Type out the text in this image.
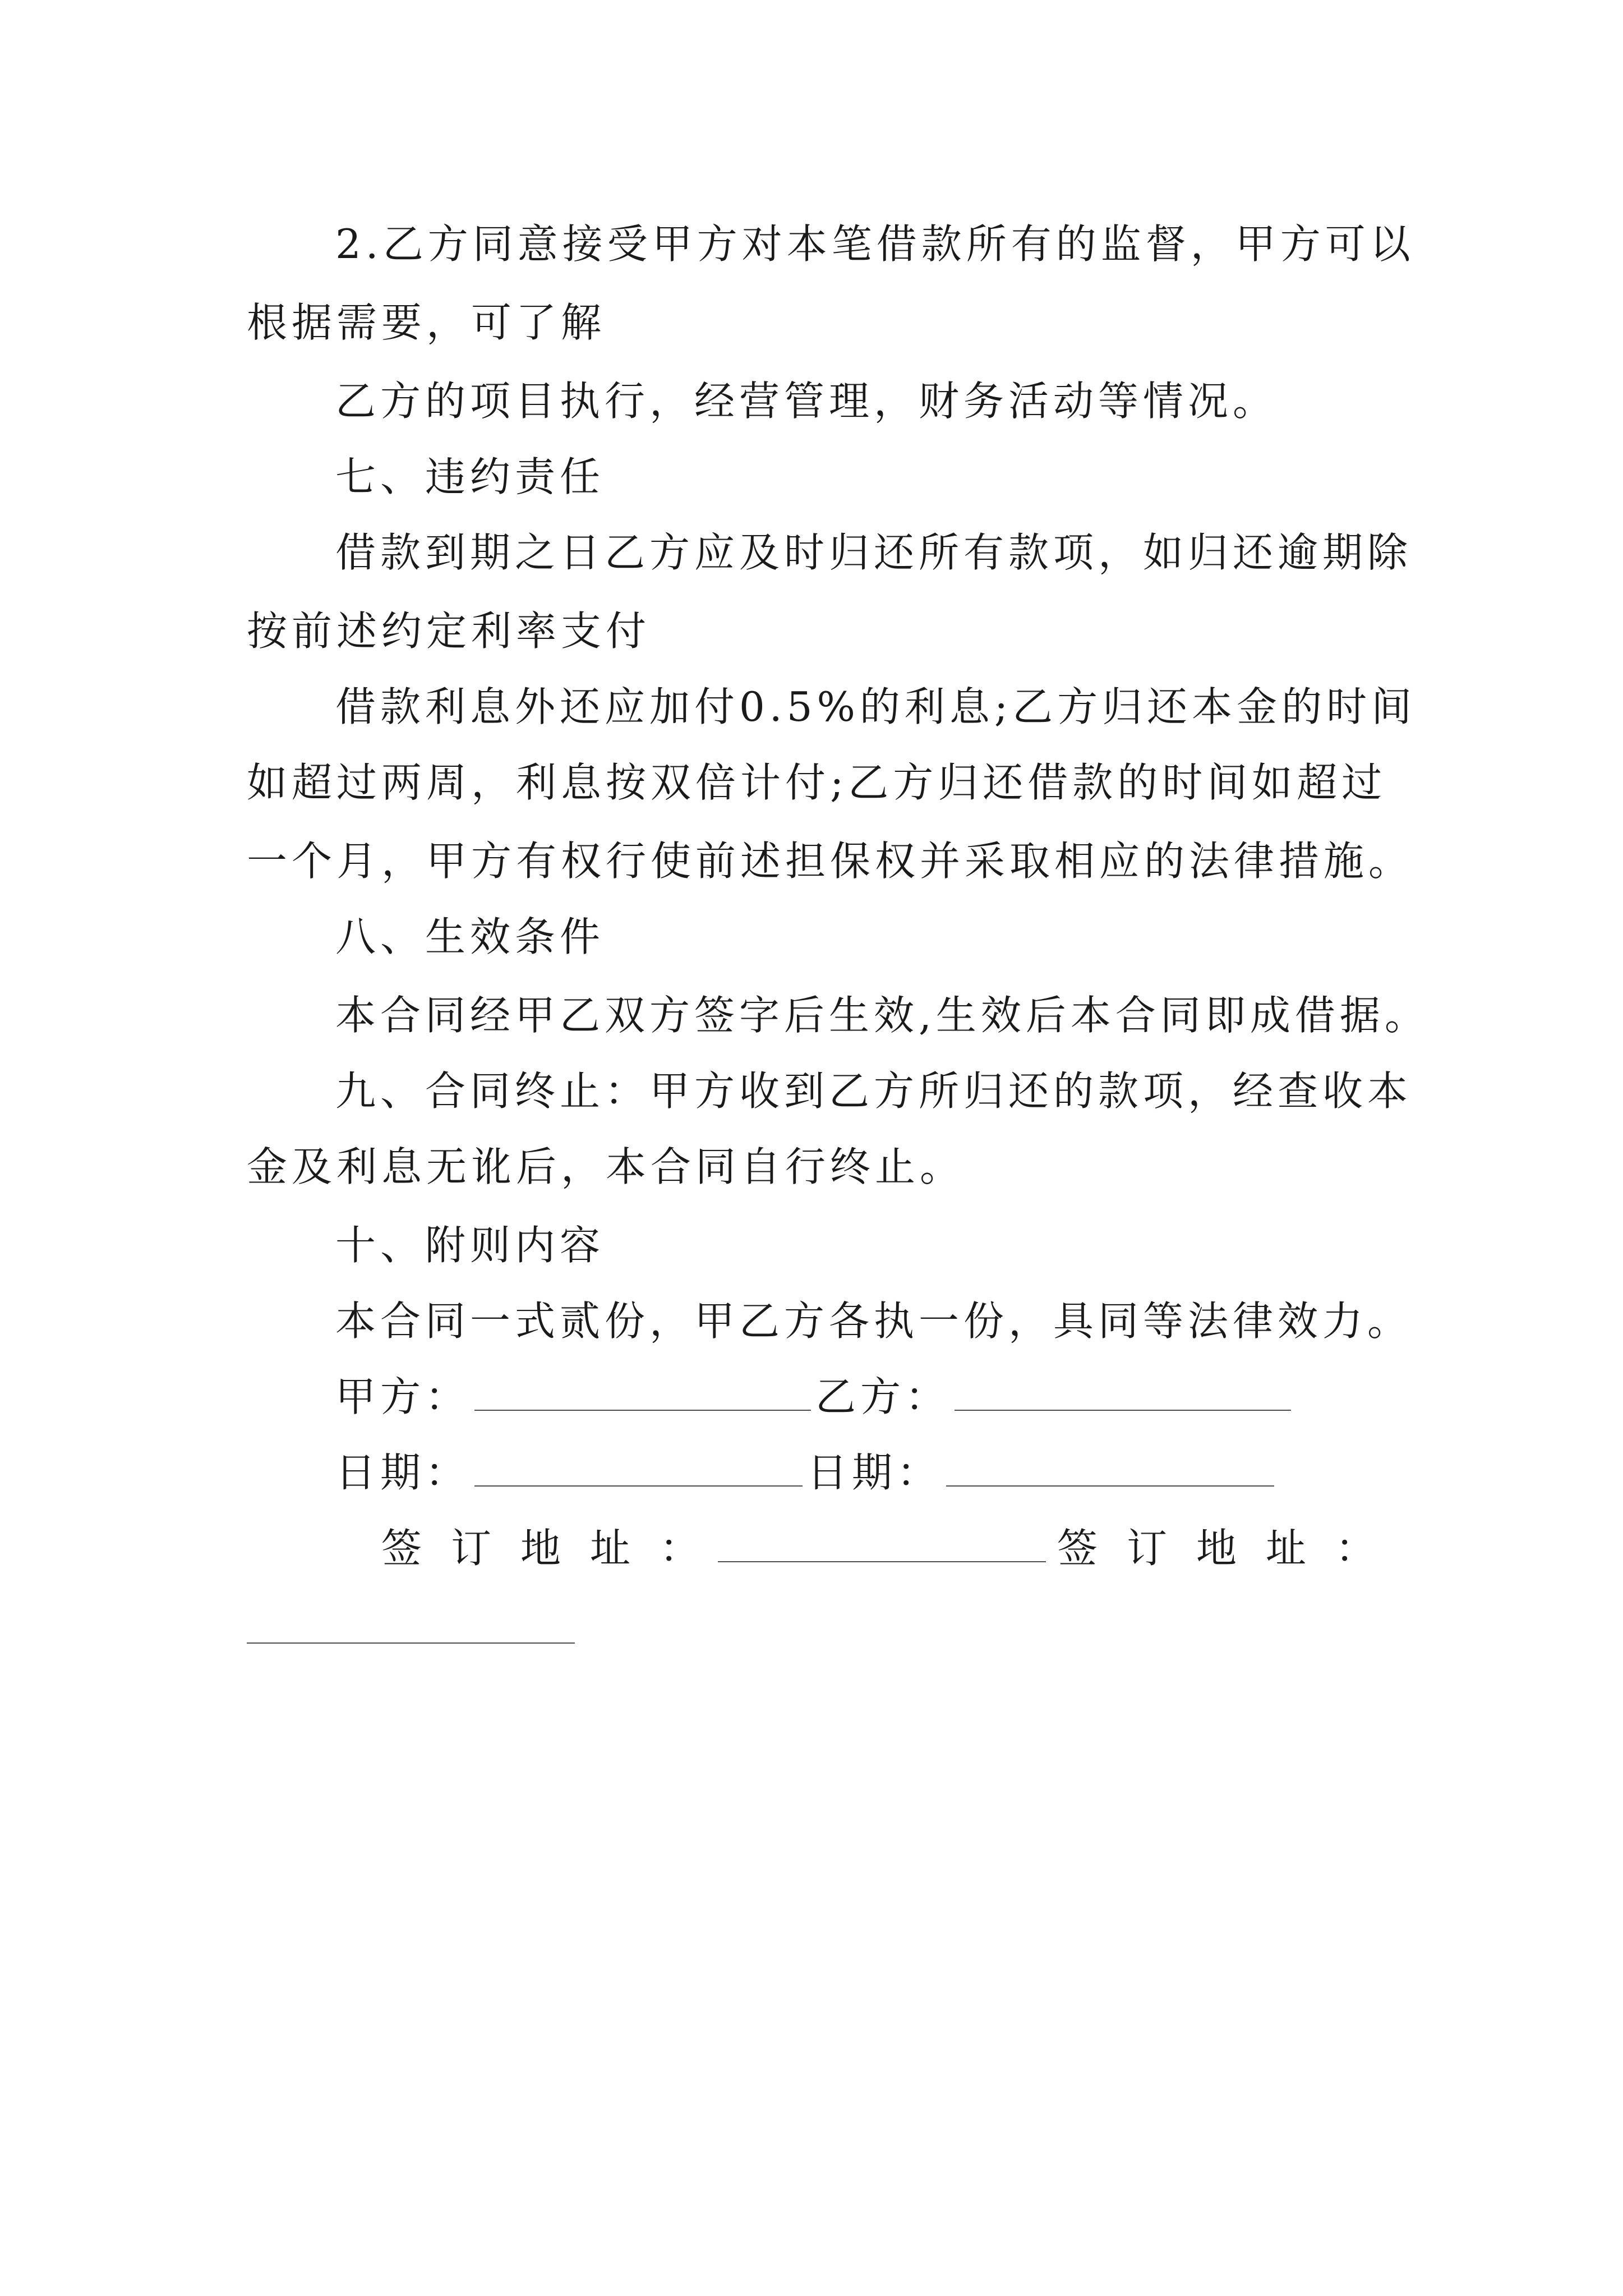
2.乙方同意接受甲方对本笔借款所有的监督，甲方可以
根据需要，可了解
乙方的项目执行，经营管理，财务活动等情况。
七、违约责任
借款到期之日乙方应及时归还所有款项，如归还逾期除
按前述约定利率支付
借款利息外还应加付0.5%的利息;乙方归还本金的时间
如超过两周，利息按双倍计付;乙方归还借款的时间如超过
一个月，甲方有权行使前述担保权并采取相应的法律措施。
八、生效条件
本合同经甲乙双方签字后生效,生效后本合同即成借据。
九、合同终止：甲方收到乙方所归还的款项，经查收本
金及利息无讹后，本合同自行终止。
十、附则内容
本合同一式贰份，甲乙方各执一份，具同等法律效力。
甲方：	乙方：
日期：	日期：
签订地址：	签订地址：
